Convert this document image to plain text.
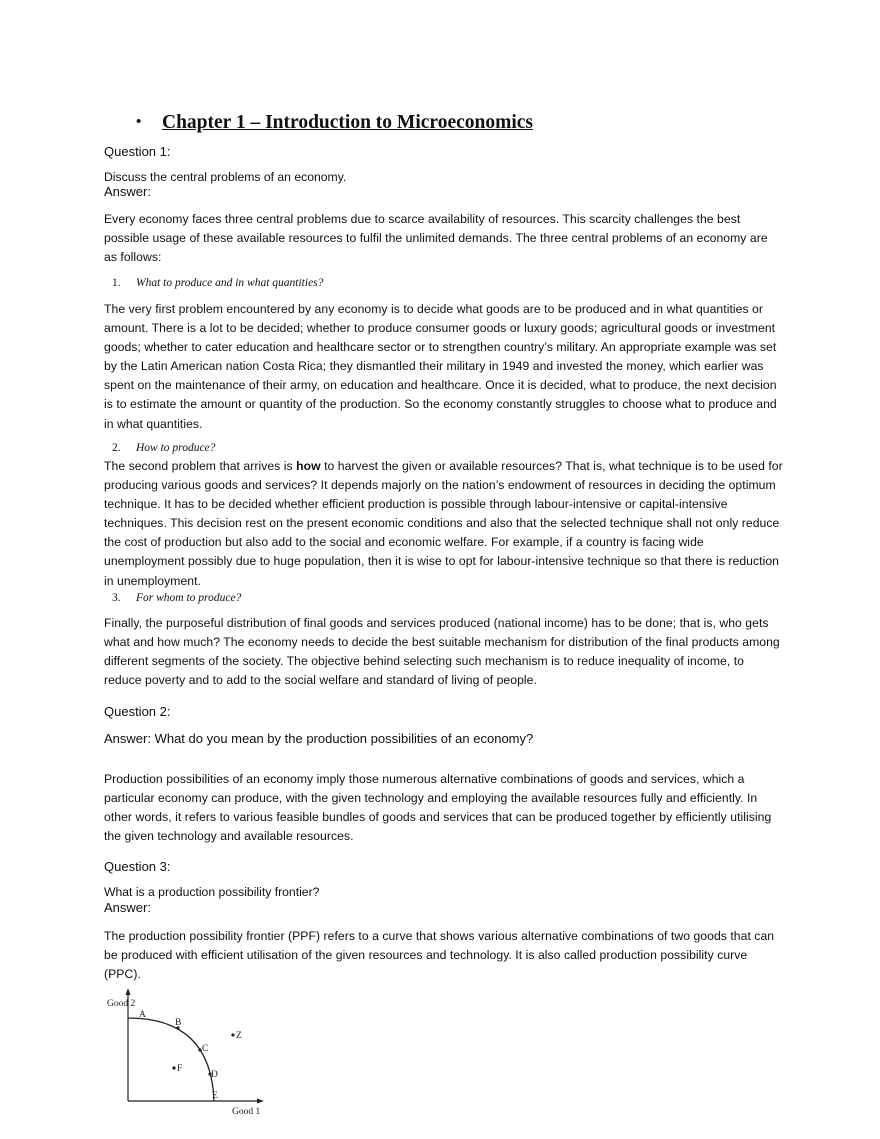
• Chapter 1 – Introduction to Microeconomics
Question 1:
Discuss the central problems of an economy.
Answer:
Every economy faces three central problems due to scarce availability of resources. This scarcity challenges the best possible usage of these available resources to fulfil the unlimited demands. The three central problems of an economy are as follows:
1. What to produce and in what quantities?
The very first problem encountered by any economy is to decide what goods are to be produced and in what quantities or amount. There is a lot to be decided; whether to produce consumer goods or luxury goods; agricultural goods or investment goods; whether to cater education and healthcare sector or to strengthen country’s military. An appropriate example was set by the Latin American nation Costa Rica; they dismantled their military in 1949 and invested the money, which earlier was spent on the maintenance of their army, on education and healthcare. Once it is decided, what to produce, the next decision is to estimate the amount or quantity of the production. So the economy constantly struggles to choose what to produce and in what quantities.
2. How to produce?
The second problem that arrives is how to harvest the given or available resources? That is, what technique is to be used for producing various goods and services? It depends majorly on the nation’s endowment of resources in deciding the optimum technique. It has to be decided whether efficient production is possible through labour-intensive or capital-intensive techniques. This decision rest on the present economic conditions and also that the selected technique shall not only reduce the cost of production but also add to the social and economic welfare. For example, if a country is facing wide unemployment possibly due to huge population, then it is wise to opt for labour-intensive technique so that there is reduction in unemployment.
3. For whom to produce?
Finally, the purposeful distribution of final goods and services produced (national income) has to be done; that is, who gets what and how much? The economy needs to decide the best suitable mechanism for distribution of the final products among different segments of the society. The objective behind selecting such mechanism is to reduce inequality of income, to reduce poverty and to add to the social welfare and standard of living of people.
Question 2:
Answer: What do you mean by the production possibilities of an economy?
Production possibilities of an economy imply those numerous alternative combinations of goods and services, which a particular economy can produce, with the given technology and employing the available resources fully and efficiently. In other words, it refers to various feasible bundles of goods and services that can be produced together by efficiently utilising the given technology and available resources.
Question 3:
What is a production possibility frontier?
Answer:
The production possibility frontier (PPF) refers to a curve that shows various alternative combinations of two goods that can be produced with efficient utilisation of the given resources and technology. It is also called production possibility curve (PPC).
Good 2
Good 1
A
B
C
D
E
F
Z
